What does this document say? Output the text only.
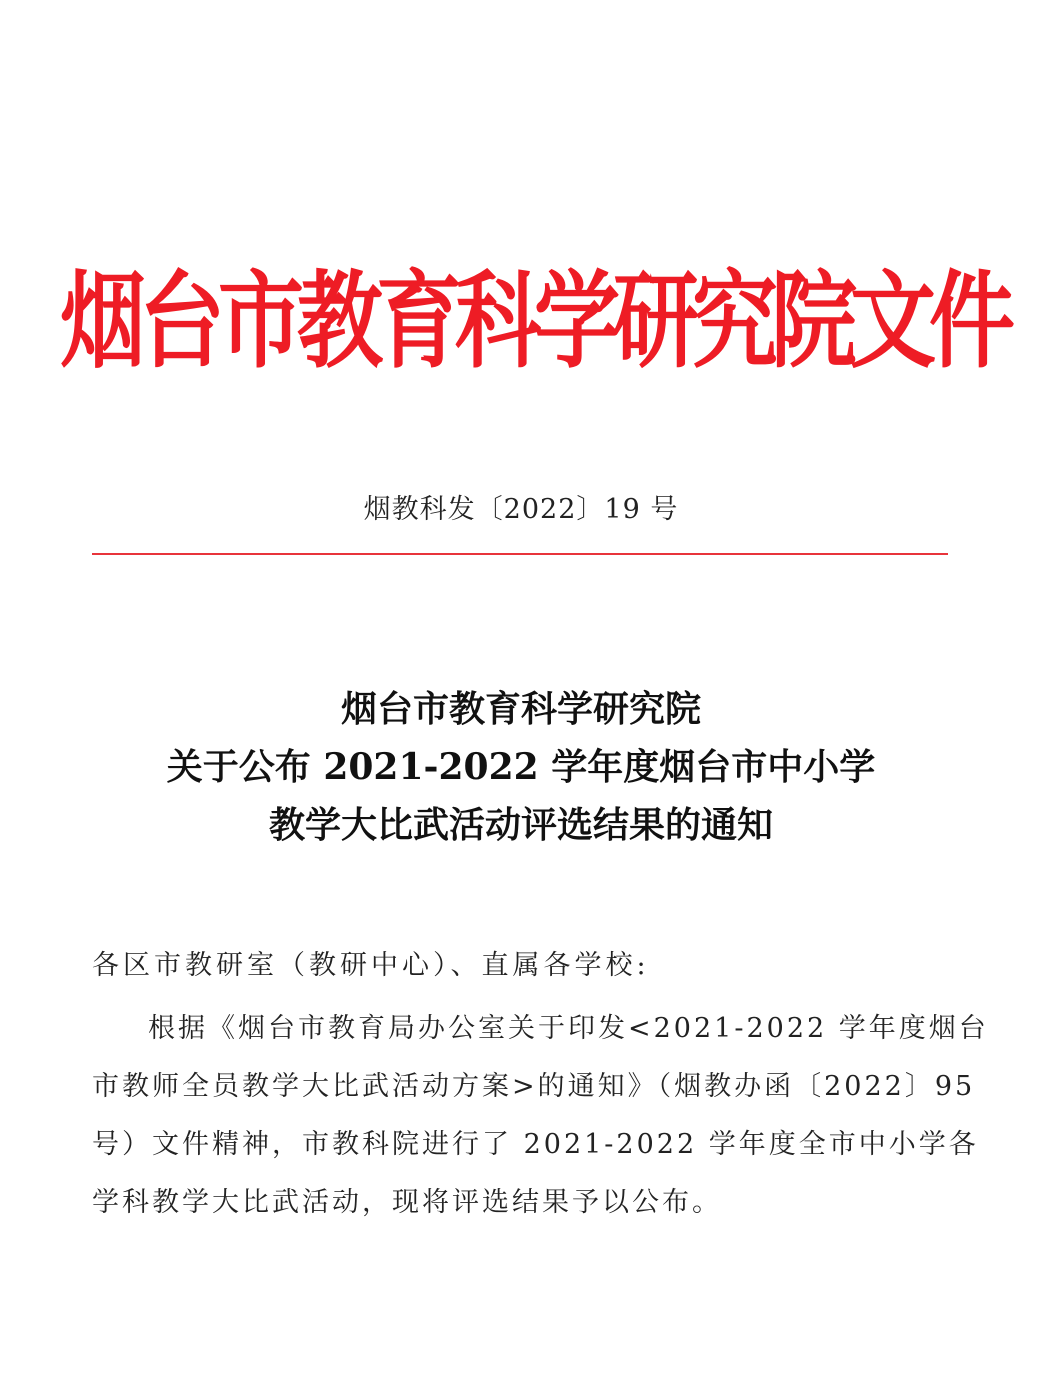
烟台市教育科学研究院文件
烟教科发〔2022〕19 号
烟台市教育科学研究院
关于公布 2021-2022 学年度烟台市中小学
教学大比武活动评选结果的通知
各区市教研室（教研中心）、直属各学校:
根据《烟台市教育局办公室关于印发<2021-2022 学年度烟台
市教师全员教学大比武活动方案>的通知》（烟教办函〔2022〕95
号）文件精神，市教科院进行了 2021-2022 学年度全市中小学各
学科教学大比武活动，现将评选结果予以公布。
